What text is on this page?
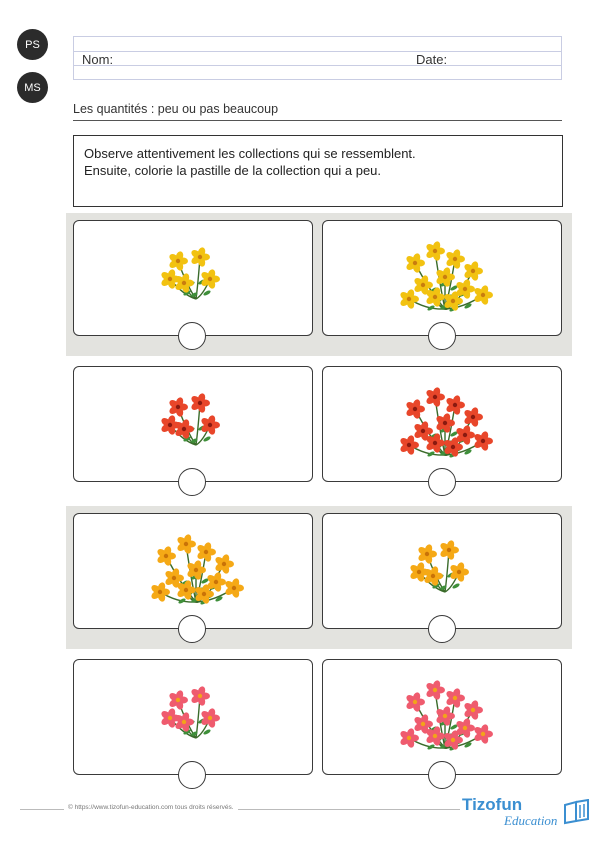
PS
MS
Nom:	Date:
Les quantités : peu ou pas beaucoup
Observe attentivement les collections qui se ressemblent.
Ensuite, colorie la pastille de la collection qui a peu.
© https://www.tizofun-education.com tous droits réservés.	Tizofun
Education
